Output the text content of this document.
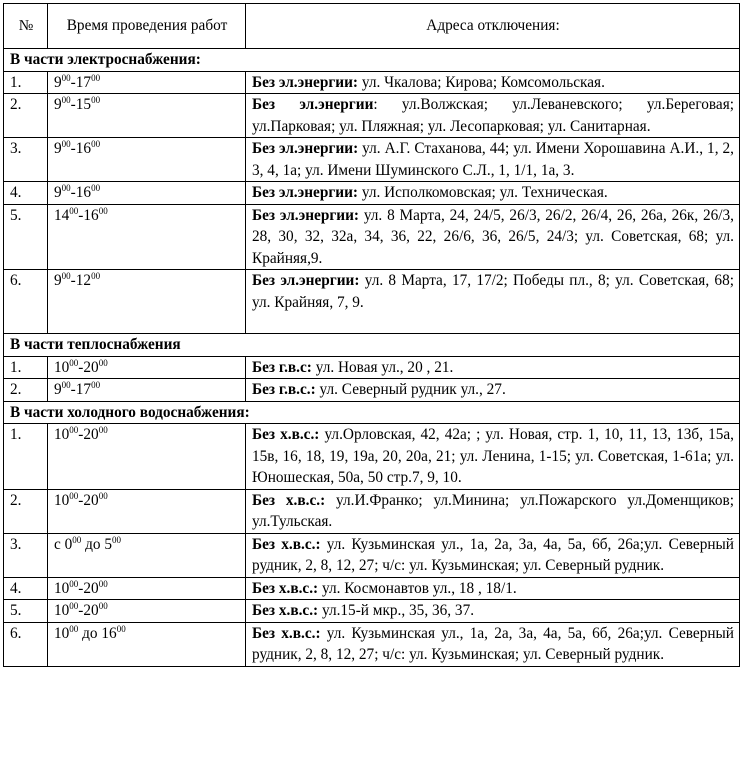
№	Время проведения работ	Адреса отключения:
В части электроснабжения:		
1.	$9^{00}-17^{00}$	Без эл.энергии: ул. Чкалова; Кирова; Комсомольская.
2.	$9^{00}-15^{00}$	Без эл.энергии: ул.Волжская; ул.Леваневского; ул.Береговая; ул.Парковая; ул. Пляжная; ул. Лесопарковая; ул. Санитарная.
3.	$9^{00}-16^{00}$	Без эл.энергии: ул. А.Г. Стаханова, 44; ул. Имени Хорошавина А.И., 1, 2, 3, 4, 1а; ул. Имени Шуминского С.Л., 1, 1/1, 1а, 3.
4.	$9^{00}-16^{00}$	Без эл.энергии: ул. Исполкомовская; ул. Техническая.
5.	$14^{00}-16^{00}$	Без эл.энергии: ул. 8 Марта, 24, 24/5, 26/3, 26/2, 26/4, 26, 26а, 26к, 26/3, 28, 30, 32, 32а, 34, 36, 22, 26/6, 36, 26/5, 24/3; ул. Советская, 68; ул. Крайняя,9.
6.	$9^{00}-12^{00}$	Без эл.энергии: ул. 8 Марта, 17, 17/2; Победы пл., 8; ул. Советская, 68; ул. Крайняя, 7, 9.
В части теплоснабжения		
1.	$10^{00}-20^{00}$	Без г.в.с: ул. Новая ул., 20 , 21.
2.	$9^{00}-17^{00}$	Без г.в.с.: ул. Северный рудник ул., 27.
В части холодного водоснабжения:		
1.	$10^{00}-20^{00}$	Без х.в.с.: ул.Орловская, 42, 42а; ; ул. Новая, стр. 1, 10, 11, 13, 13б, 15а, 15в, 16, 18, 19, 19а, 20, 20а, 21; ул. Ленина, 1-15; ул. Советская, 1-61а; ул. Юношеская, 50а, 50 стр.7, 9, 10.
2.	$10^{00}-20^{00}$	Без х.в.с.: ул.И.Франко; ул.Минина; ул.Пожарского ул.Доменщиков; ул.Тульская.
3.	с $0^{00}$ до $5^{00}$	Без х.в.с.: ул. Кузьминская ул., 1а, 2а, 3а, 4а, 5а, 6б, 26а;ул. Северный рудник, 2, 8, 12, 27; ч/с: ул. Кузьминская; ул. Северный рудник.
4.	$10^{00}-20^{00}$	Без х.в.с.: ул. Космонавтов ул., 18 , 18/1.
5.	$10^{00}-20^{00}$	Без х.в.с.: ул.15-й мкр., 35, 36, 37.
6.	$10^{00}$ до $16^{00}$	Без х.в.с.: ул. Кузьминская ул., 1а, 2а, 3а, 4а, 5а, 6б, 26а;ул. Северный рудник, 2, 8, 12, 27; ч/с: ул. Кузьминская; ул. Северный рудник.
